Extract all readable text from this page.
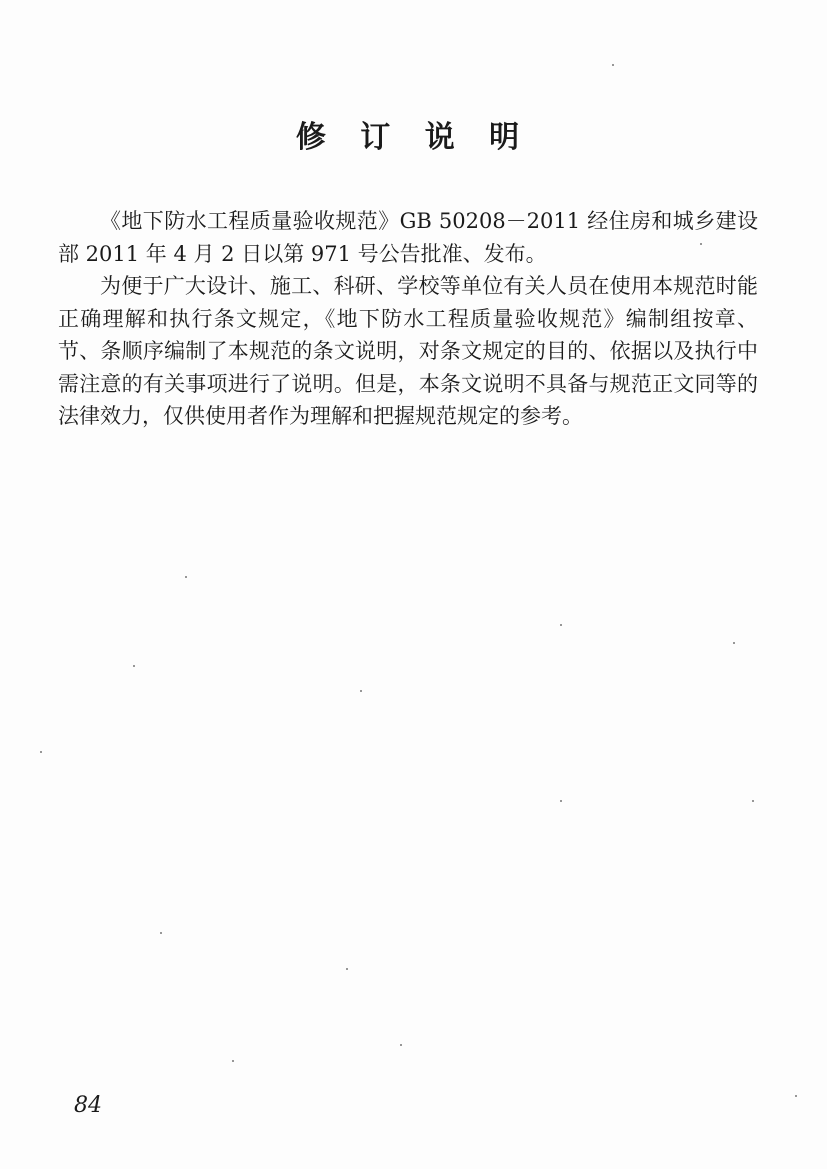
修 订 说 明

《地下防水工程质量验收规范》GB 50208－2011 经住房和城乡建设部 2011 年 4 月 2 日以第 971 号公告批准、发布。

为便于广大设计、施工、科研、学校等单位有关人员在使用本规范时能正确理解和执行条文规定，《地下防水工程质量验收规范》编制组按章、节、条顺序编制了本规范的条文说明，对条文规定的目的、依据以及执行中需注意的有关事项进行了说明。但是，本条文说明不具备与规范正文同等的法律效力，仅供使用者作为理解和把握规范规定的参考。

84
